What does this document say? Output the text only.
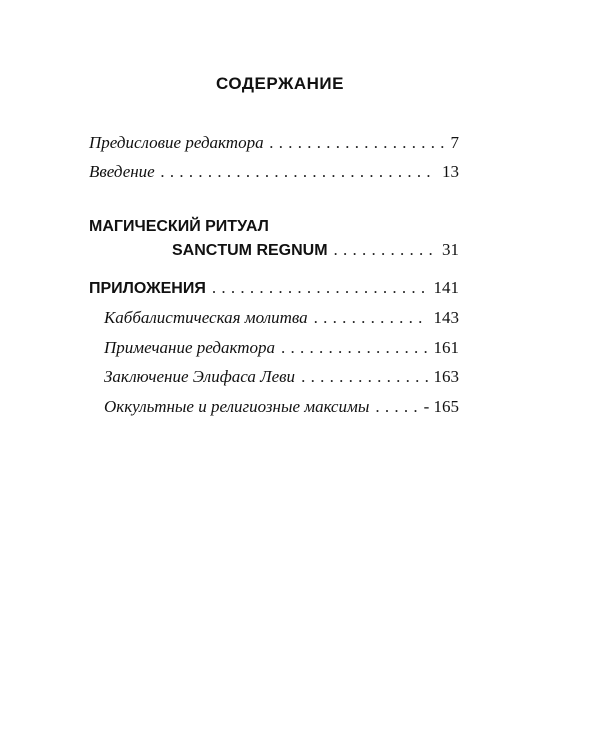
СОДЕРЖАНИЕ
Предисловие редактора . . .	7
Введение . . .	13
МАГИЧЕСКИЙ РИТУАЛ
SANCTUM REGNUM . . .	31
ПРИЛОЖЕНИЯ . . .	141
Каббалистическая молитва . . .	143
Примечание редактора . . .	161
Заключение Элифаса Леви . . .	163
Оккультные и религиозные максимы . . .	- 165
